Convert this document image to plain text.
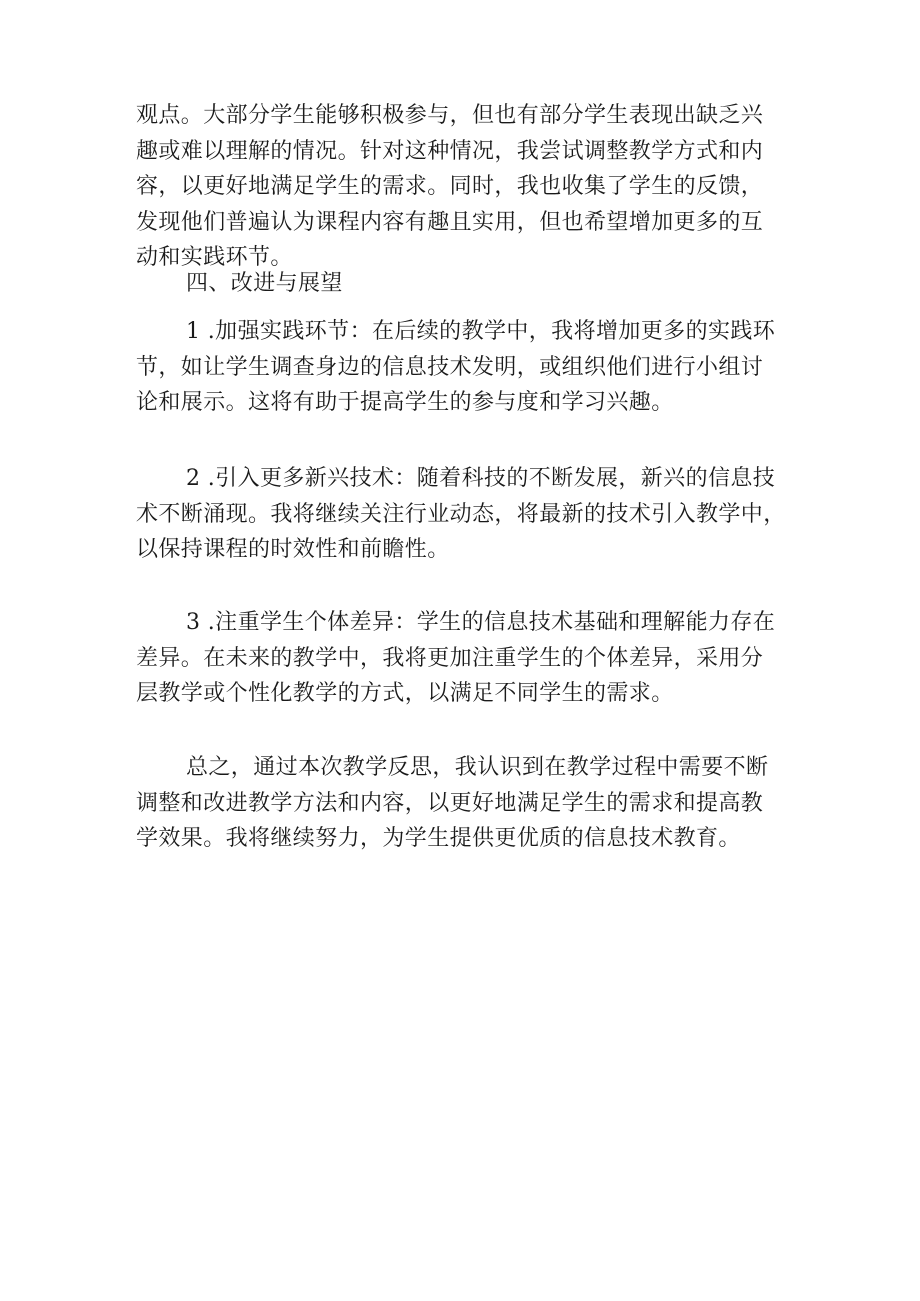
观点。大部分学生能够积极参与，但也有部分学生表现出缺乏兴
趣或难以理解的情况。针对这种情况，我尝试调整教学方式和内
容，以更好地满足学生的需求。同时，我也收集了学生的反馈，
发现他们普遍认为课程内容有趣且实用，但也希望增加更多的互
动和实践环节。
四、改进与展望
1 .加强实践环节：在后续的教学中，我将增加更多的实践环
节，如让学生调查身边的信息技术发明，或组织他们进行小组讨
论和展示。这将有助于提高学生的参与度和学习兴趣。
2 .引入更多新兴技术：随着科技的不断发展，新兴的信息技
术不断涌现。我将继续关注行业动态，将最新的技术引入教学中，
以保持课程的时效性和前瞻性。
3 .注重学生个体差异：学生的信息技术基础和理解能力存在
差异。在未来的教学中，我将更加注重学生的个体差异，采用分
层教学或个性化教学的方式，以满足不同学生的需求。
总之，通过本次教学反思，我认识到在教学过程中需要不断
调整和改进教学方法和内容，以更好地满足学生的需求和提高教
学效果。我将继续努力，为学生提供更优质的信息技术教育。
